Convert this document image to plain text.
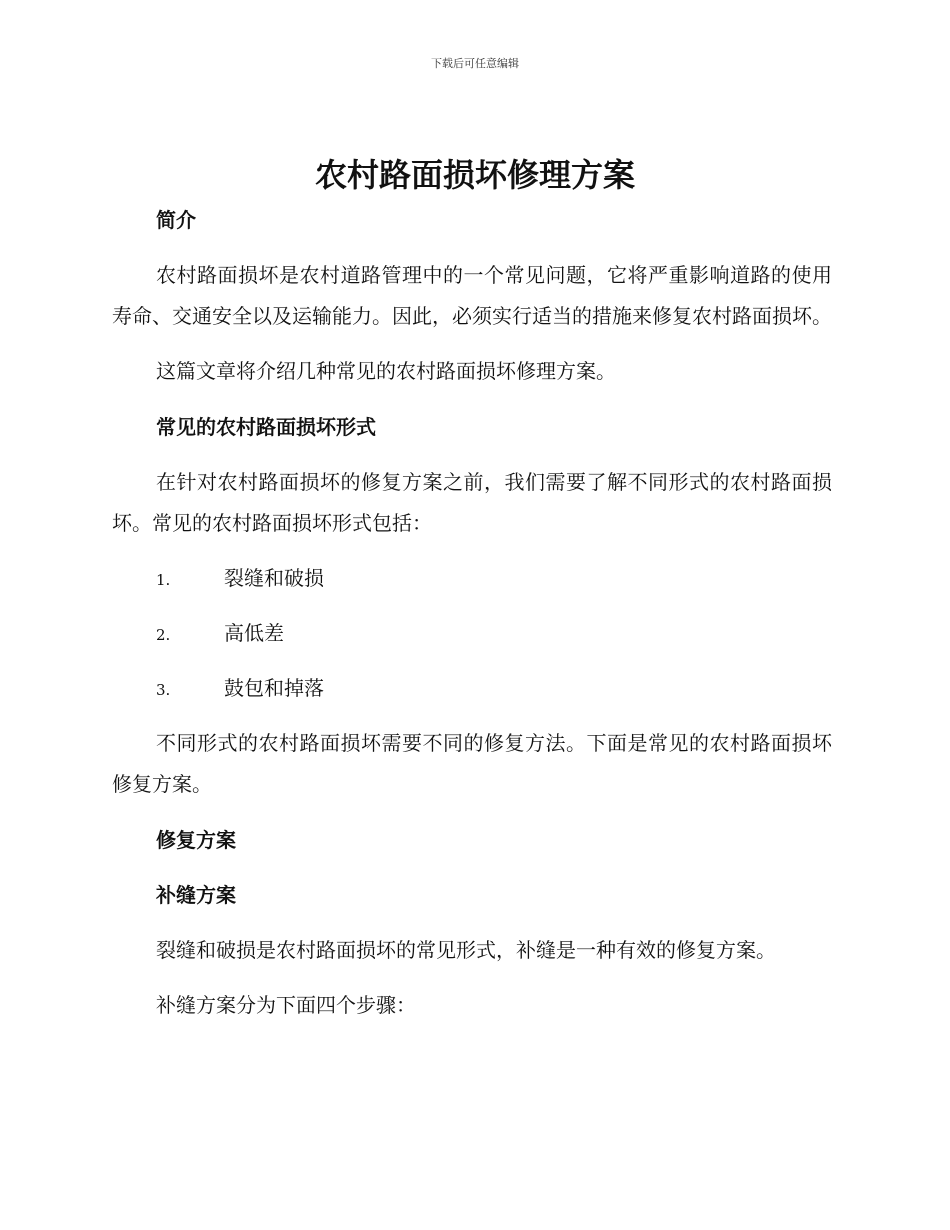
下载后可任意编辑
农村路面损坏修理方案
简介

农村路面损坏是农村道路管理中的一个常见问题，它将严重影响道路的使用寿命、交通安全以及运输能力。因此，必须实行适当的措施来修复农村路面损坏。

这篇文章将介绍几种常见的农村路面损坏修理方案。

常见的农村路面损坏形式

在针对农村路面损坏的修复方案之前，我们需要了解不同形式的农村路面损坏。常见的农村路面损坏形式包括：

1.	裂缝和破损
2.	高低差
3.	鼓包和掉落

不同形式的农村路面损坏需要不同的修复方法。下面是常见的农村路面损坏修复方案。

修复方案
补缝方案

裂缝和破损是农村路面损坏的常见形式，补缝是一种有效的修复方案。

补缝方案分为下面四个步骤：
